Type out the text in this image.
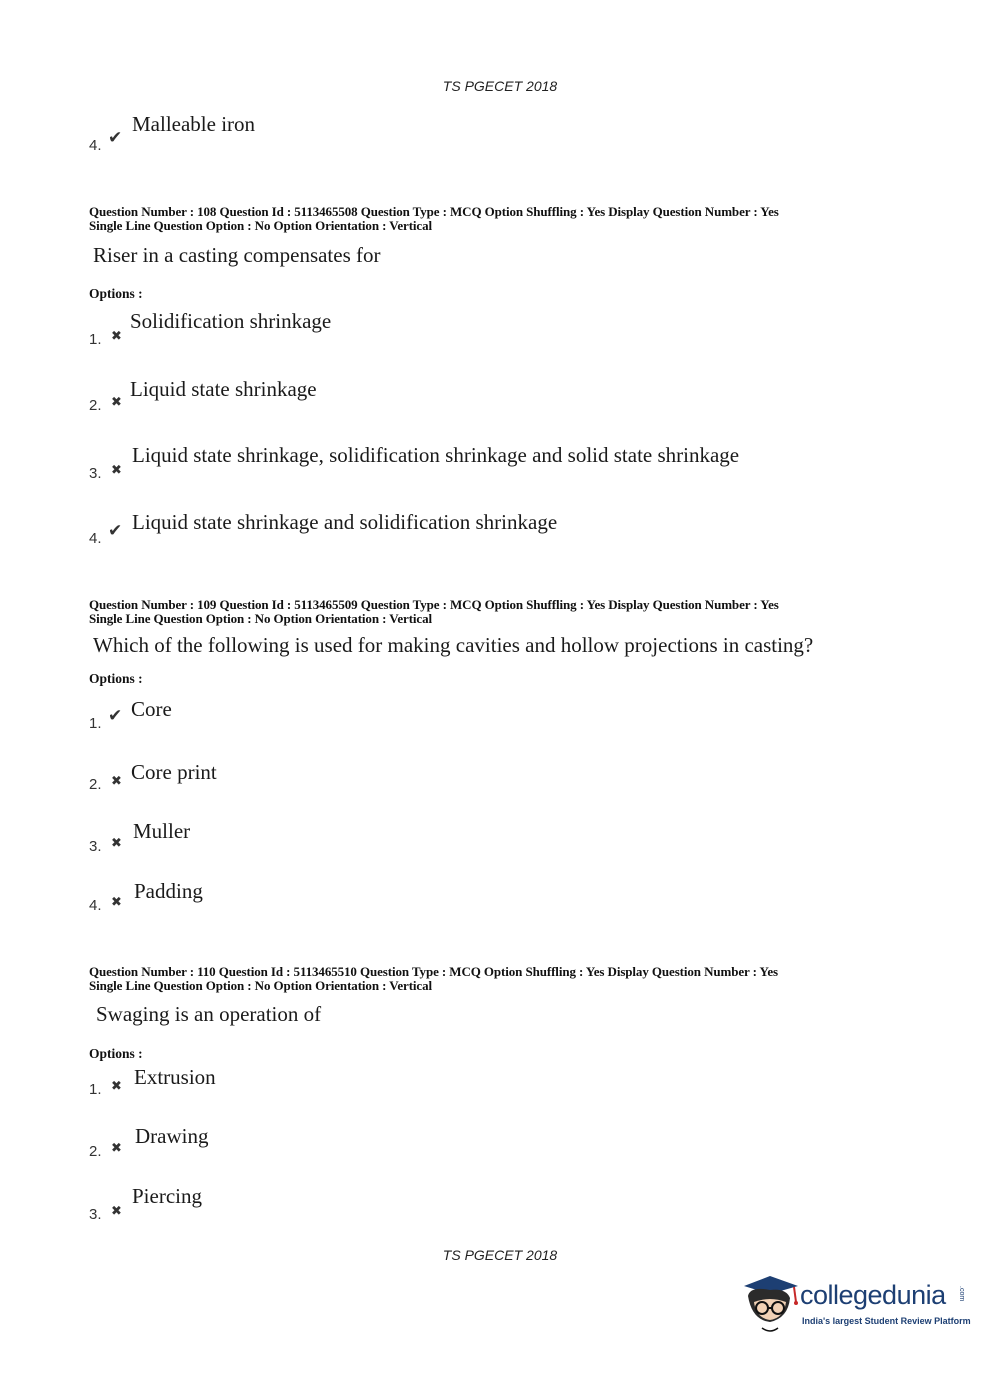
TS PGECET 2018
4. ✔
Malleable iron
Question Number : 108 Question Id : 5113465508 Question Type : MCQ Option Shuffling : Yes Display Question Number : Yes
Single Line Question Option : No Option Orientation : Vertical
Riser in a casting compensates for
Options :
1. ✖
Solidification shrinkage
2. ✖
Liquid state shrinkage
3. ✖
Liquid state shrinkage, solidification shrinkage and solid state shrinkage
4. ✔ Liquid state shrinkage and solidification shrinkage
Question Number : 109 Question Id : 5113465509 Question Type : MCQ Option Shuffling : Yes Display Question Number : Yes
Single Line Question Option : No Option Orientation : Vertical
Which of the following is used for making cavities and hollow projections in casting?
Options :
1. ✔ Core
2. ✖ Core print
3. ✖ Muller
4. ✖ Padding
Question Number : 110 Question Id : 5113465510 Question Type : MCQ Option Shuffling : Yes Display Question Number : Yes
Single Line Question Option : No Option Orientation : Vertical
Swaging is an operation of
Options :
1. ✖ Extrusion
2. ✖ Drawing
3. ✖
Piercing
TS PGECET 2018
collegedunia .com
India's largest Student Review Platform
